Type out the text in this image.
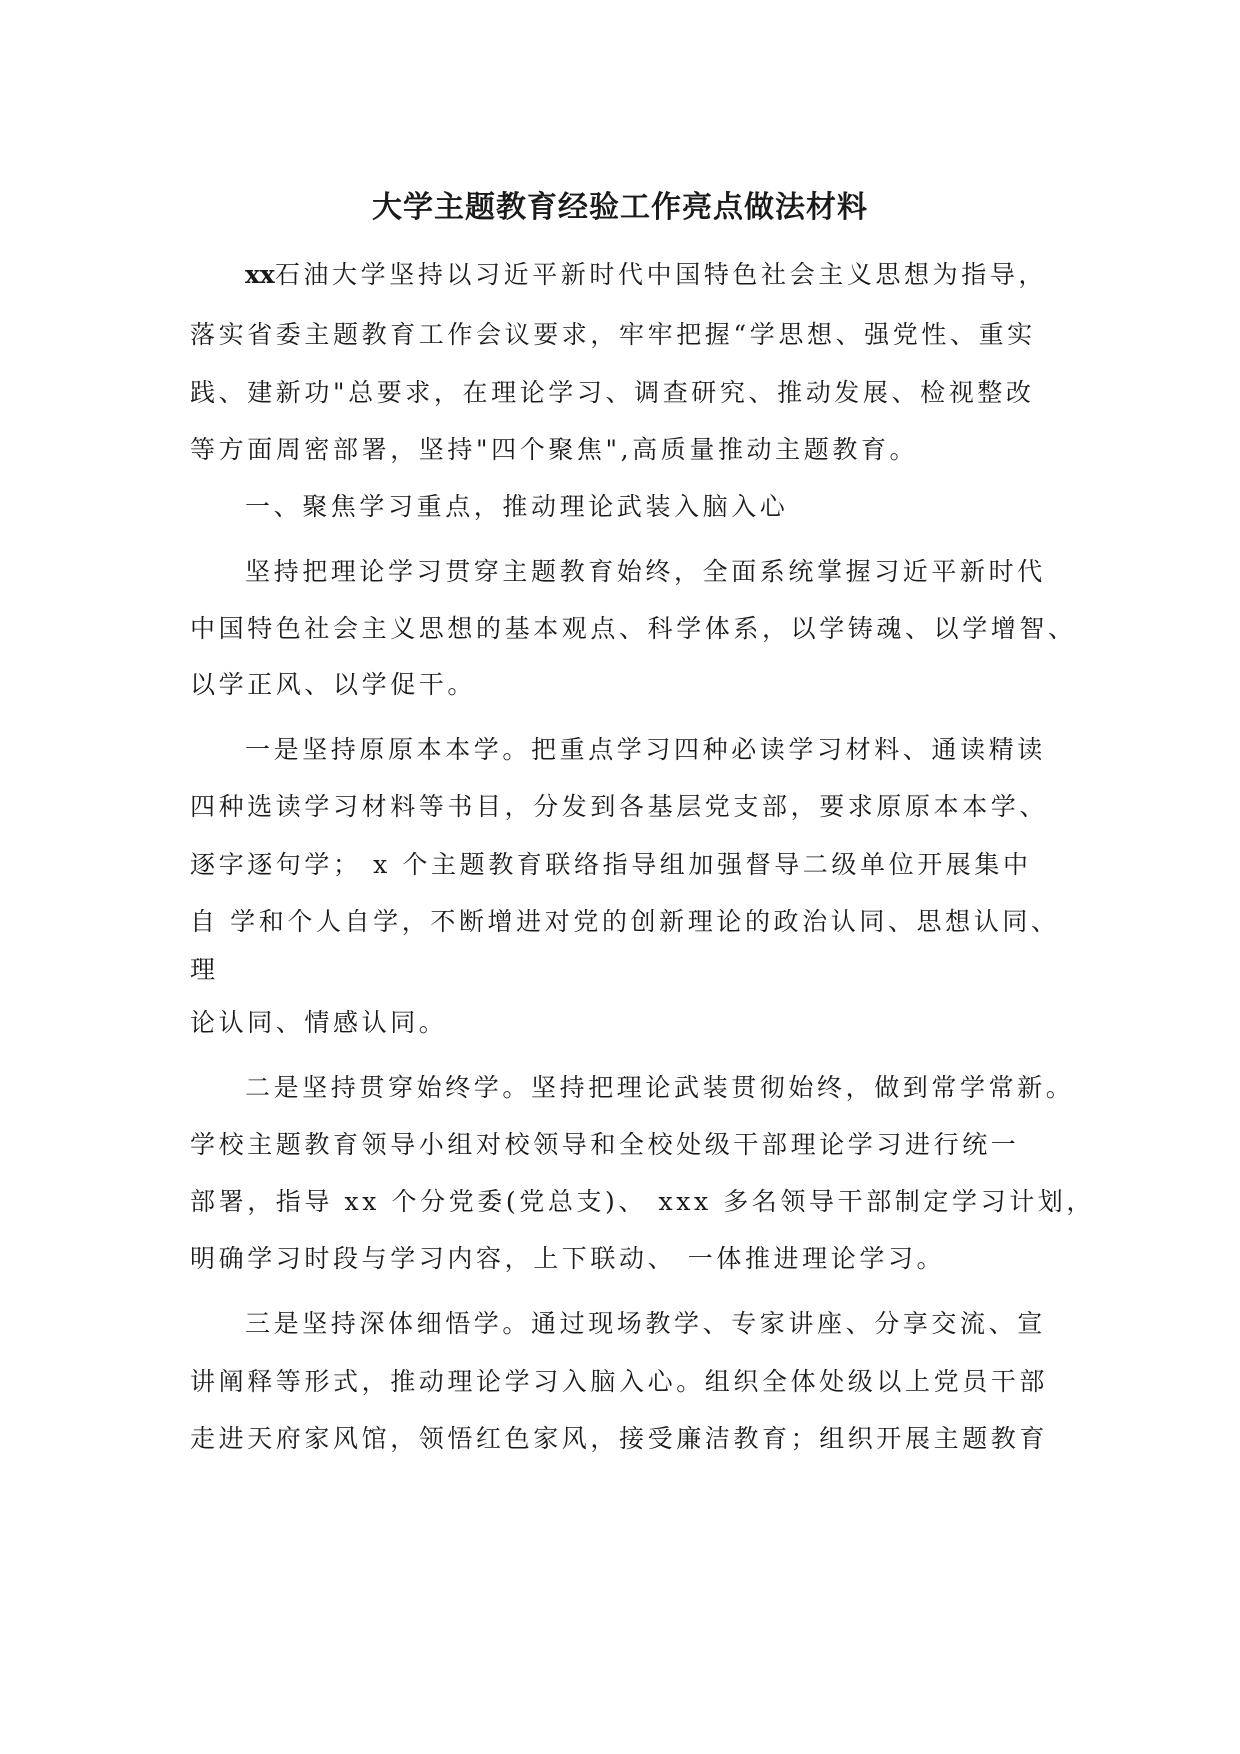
大学主题教育经验工作亮点做法材料
xx石油大学坚持以习近平新时代中国特色社会主义思想为指导，
落实省委主题教育工作会议要求，牢牢把握“学思想、强党性、重实
践、建新功"总要求，在理论学习、调查研究、推动发展、检视整改
等方面周密部署，坚持"四个聚焦",高质量推动主题教育。
一、聚焦学习重点，推动理论武装入脑入心
坚持把理论学习贯穿主题教育始终，全面系统掌握习近平新时代
中国特色社会主义思想的基本观点、科学体系，以学铸魂、以学增智、
以学正风、以学促干。
一是坚持原原本本学。把重点学习四种必读学习材料、通读精读
四种选读学习材料等书目，分发到各基层党支部，要求原原本本学、
逐字逐句学； x 个主题教育联络指导组加强督导二级单位开展集中
自 学和个人自学，不断增进对党的创新理论的政治认同、思想认同、
理
论认同、情感认同。
二是坚持贯穿始终学。坚持把理论武装贯彻始终，做到常学常新。
学校主题教育领导小组对校领导和全校处级干部理论学习进行统一
部署，指导 xx 个分党委(党总支)、 xxx 多名领导干部制定学习计划，
明确学习时段与学习内容，上下联动、 一体推进理论学习。
三是坚持深体细悟学。通过现场教学、专家讲座、分享交流、宣
讲阐释等形式，推动理论学习入脑入心。组织全体处级以上党员干部
走进天府家风馆，领悟红色家风，接受廉洁教育；组织开展主题教育
